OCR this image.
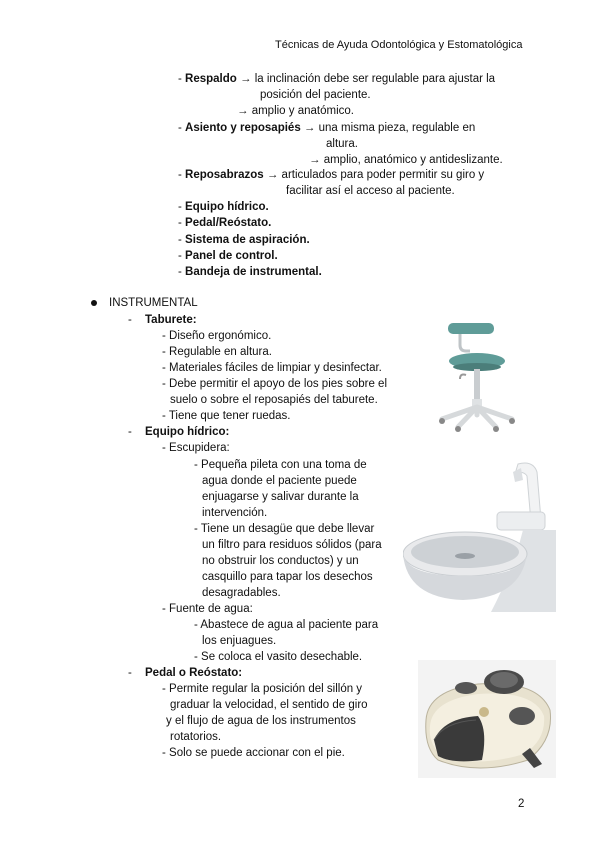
Técnicas de Ayuda Odontológica y Estomatológica
- Respaldo → la inclinación debe ser regulable para ajustar la
posición del paciente.
→ amplio y anatómico.
- Asiento y reposapiés → una misma pieza, regulable en
altura.
→ amplio, anatómico y antideslizante.
- Reposabrazos → articulados para poder permitir su giro y
facilitar así el acceso al paciente.
- Equipo hídrico.
- Pedal/Reóstato.
- Sistema de aspiración.
- Panel de control.
- Bandeja de instrumental.
INSTRUMENTAL
- Taburete:
- Diseño ergonómico.
- Regulable en altura.
- Materiales fáciles de limpiar y desinfectar.
- Debe permitir el apoyo de los pies sobre el
suelo o sobre el reposapiés del taburete.
- Tiene que tener ruedas.
- Equipo hídrico:
- Escupidera:
- Pequeña pileta con una toma de
agua donde el paciente puede
enjuagarse y salivar durante la
intervención.
- Tiene un desagüe que debe llevar
un filtro para residuos sólidos (para
no obstruir los conductos) y un
casquillo para tapar los desechos
desagradables.
- Fuente de agua:
- Abastece de agua al paciente para
los enjuagues.
- Se coloca el vasito desechable.
- Pedal o Reóstato:
- Permite regular la posición del sillón y
graduar la velocidad, el sentido de giro
y el flujo de agua de los instrumentos
rotatorios.
- Solo se puede accionar con el pie.
2
